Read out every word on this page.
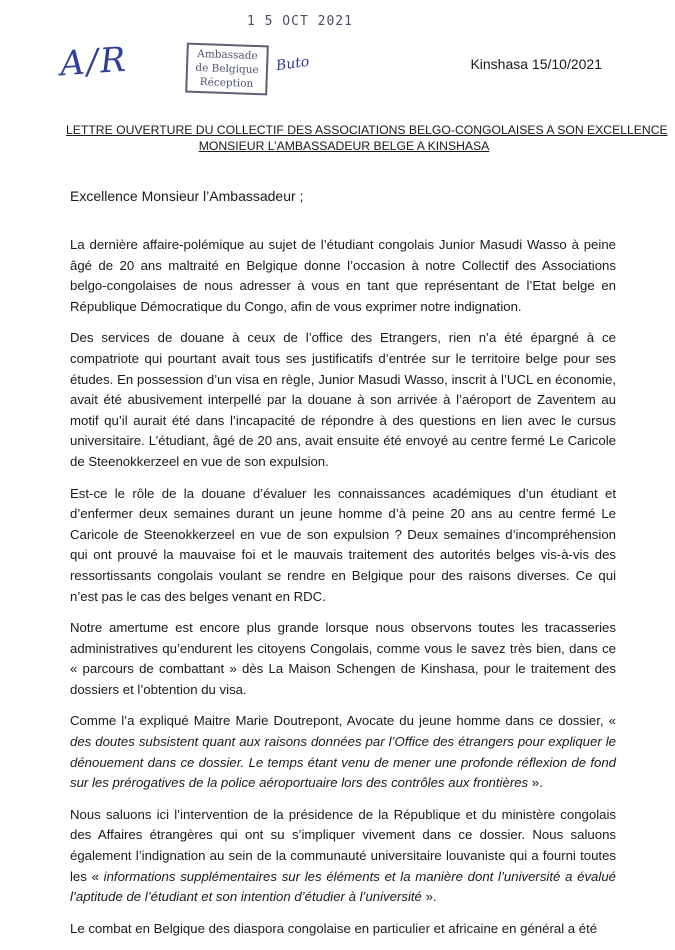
A/R
1 5 OCT 2021
Ambassade
de Belgique
Réception
Buto	Kinshasa 15/10/2021
LETTRE OUVERTURE DU COLLECTIF DES ASSOCIATIONS BELGO-CONGOLAISES A SON EXCELLENCE
MONSIEUR L’AMBASSADEUR BELGE A KINSHASA
Excellence Monsieur l’Ambassadeur ;

La dernière affaire-polémique au sujet de l’étudiant congolais Junior Masudi Wasso à peine âgé de 20 ans maltraité en Belgique donne l’occasion à notre Collectif des Associations belgo-congolaises de nous adresser à vous en tant que représentant de l’Etat belge en République Démocratique du Congo, afin de vous exprimer notre indignation.

Des services de douane à ceux de l’office des Etrangers, rien n’a été épargné à ce compatriote qui pourtant avait tous ses justificatifs d’entrée sur le territoire belge pour ses études. En possession d’un visa en règle, Junior Masudi Wasso, inscrit à l’UCL en économie, avait été abusivement interpellé par la douane à son arrivée à l’aéroport de Zaventem au motif qu’il aurait été dans l’incapacité de répondre à des questions en lien avec le cursus universitaire. L’étudiant, âgé de 20 ans, avait ensuite été envoyé au centre fermé Le Caricole de Steenokkerzeel en vue de son expulsion.

Est-ce le rôle de la douane d’évaluer les connaissances académiques d’un étudiant et d’enfermer deux semaines durant un jeune homme d’à peine 20 ans au centre fermé Le Caricole de Steenokkerzeel en vue de son expulsion ? Deux semaines d’incompréhension qui ont prouvé la mauvaise foi et le mauvais traitement des autorités belges vis-à-vis des ressortissants congolais voulant se rendre en Belgique pour des raisons diverses. Ce qui n’est pas le cas des belges venant en RDC.

Notre amertume est encore plus grande lorsque nous observons toutes les tracasseries administratives qu’endurent les citoyens Congolais, comme vous le savez très bien, dans ce « parcours de combattant » dès La Maison Schengen de Kinshasa, pour le traitement des dossiers et l’obtention du visa.

Comme l’a expliqué Maitre Marie Doutrepont, Avocate du jeune homme dans ce dossier, « des doutes subsistent quant aux raisons données par l’Office des étrangers pour expliquer le dénouement dans ce dossier. Le temps étant venu de mener une profonde réflexion de fond sur les prérogatives de la police aéroportuaire lors des contrôles aux frontières ».

Nous saluons ici l’intervention de la présidence de la République et du ministère congolais des Affaires étrangères qui ont su s’impliquer vivement dans ce dossier. Nous saluons également l’indignation au sein de la communauté universitaire louvaniste qui a fourni toutes les « informations supplémentaires sur les éléments et la manière dont l’université a évalué l’aptitude de l’étudiant et son intention d’étudier à l’université ».

Le combat en Belgique des diaspora congolaise en particulier et africaine en général a été
